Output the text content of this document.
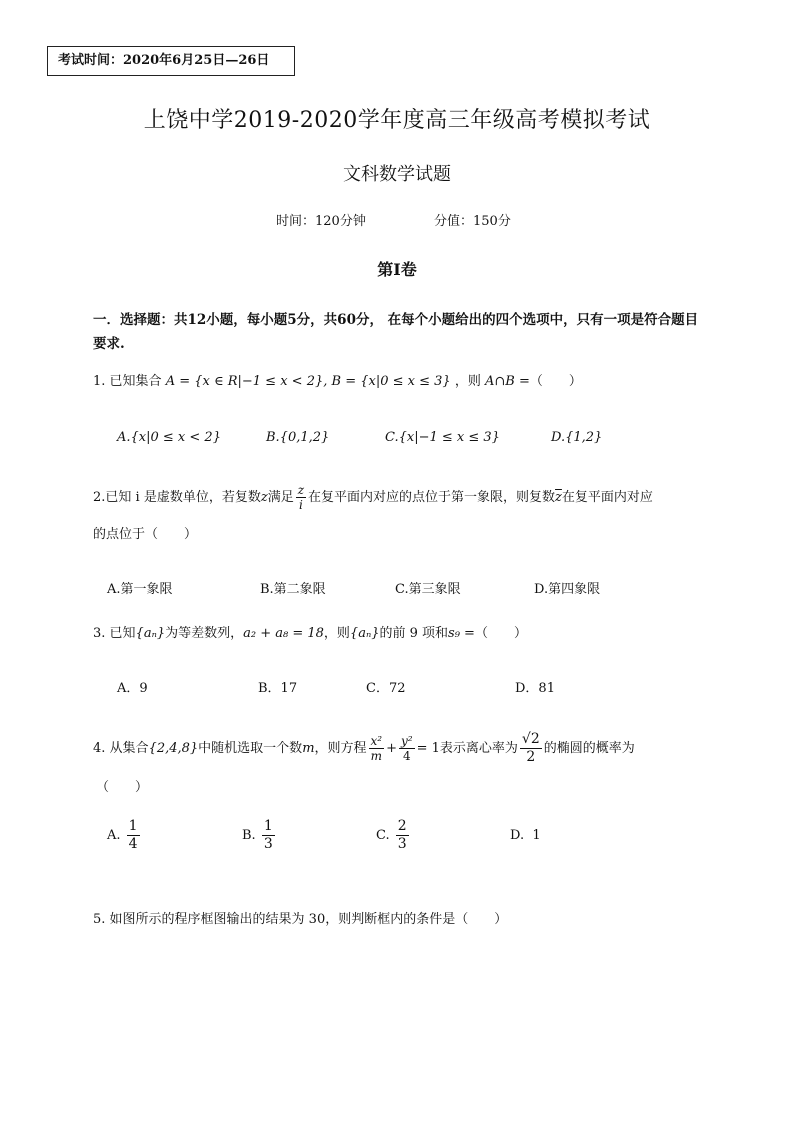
考试时间：2020年6月25日—26日
上饶中学2019-2020学年度高三年级高考模拟考试
文科数学试题
时间：120分钟	分值：150分
第Ⅰ卷
一．选择题：共12小题，每小题5分，共60分， 在每个小题给出的四个选项中，只有一项是符合题目要求.
1. 已知集合 A = {x ∈ R|−1 ≤ x < 2}, B = {x|0 ≤ x ≤ 3} ，则 A∩B =（　　）
A.{x|0 ≤ x < 2}	B.{0,1,2}	C.{x|−1 ≤ x ≤ 3}	D.{1,2}
2.已知 i 是虚数单位，若复数z满足 $\frac{z}{i}$ 在复平面内对应的点位于第一象限，则复数$\overline{z}$在复平面内对应
的点位于（　　）
A.第一象限	B.第二象限	C.第三象限	D.第四象限
3. 已知{aₙ}为等差数列，a₂ + a₈ = 18，则{aₙ}的前 9 项和s₉ =（　　）
A．9	B．17	C．72	D．81
4. 从集合{2,4,8}中随机选取一个数m，则方程 $\frac{\text{x²}}{m} + \frac{\text{y²}}{4} = 1$表示离心率为 $\frac{√2}{2}$ 的椭圆的概率为
（　　）
A. $\frac{1}{4}$	B. $\frac{1}{3}$	C. $\frac{2}{3}$	D. 1
5. 如图所示的程序框图输出的结果为 30，则判断框内的条件是（　　）
